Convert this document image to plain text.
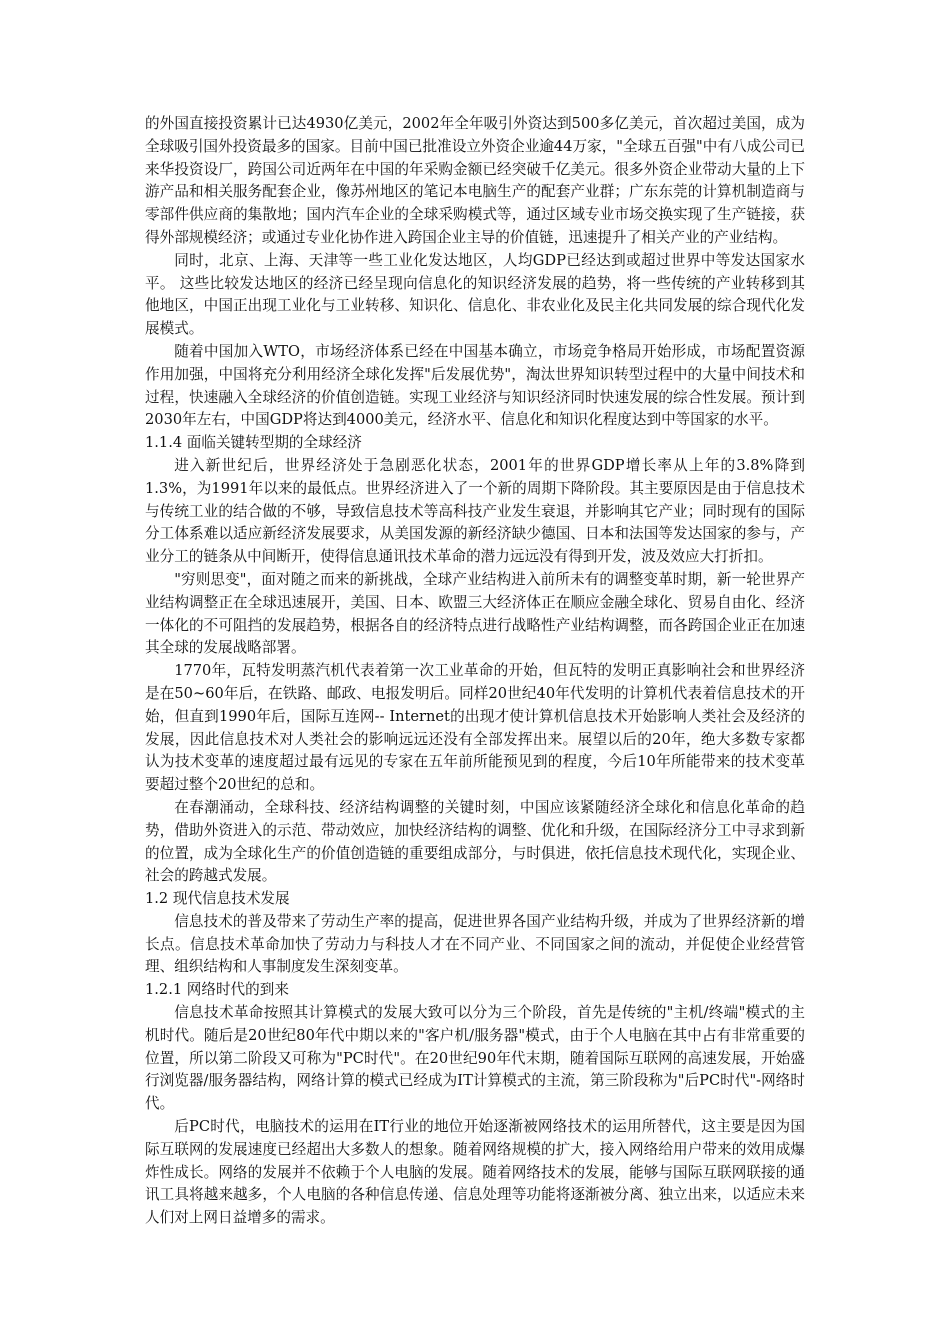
的外国直接投资累计已达4930亿美元，2002年全年吸引外资达到500多亿美元，首次超过美国，成为全球吸引国外投资最多的国家。目前中国已批准设立外资企业逾44万家，"全球五百强"中有八成公司已来华投资设厂，跨国公司近两年在中国的年采购金额已经突破千亿美元。很多外资企业带动大量的上下游产品和相关服务配套企业，像苏州地区的笔记本电脑生产的配套产业群；广东东莞的计算机制造商与零部件供应商的集散地；国内汽车企业的全球采购模式等，通过区域专业市场交换实现了生产链接，获得外部规模经济；或通过专业化协作进入跨国企业主导的价值链，迅速提升了相关产业的产业结构。

同时，北京、上海、天津等一些工业化发达地区，人均GDP已经达到或超过世界中等发达国家水平。 这些比较发达地区的经济已经呈现向信息化的知识经济发展的趋势，将一些传统的产业转移到其他地区，中国正出现工业化与工业转移、知识化、信息化、非农业化及民主化共同发展的综合现代化发展模式。

随着中国加入WTO，市场经济体系已经在中国基本确立，市场竞争格局开始形成，市场配置资源作用加强，中国将充分利用经济全球化发挥"后发展优势"，淘汰世界知识转型过程中的大量中间技术和过程，快速融入全球经济的价值创造链。实现工业经济与知识经济同时快速发展的综合性发展。预计到2030年左右，中国GDP将达到4000美元，经济水平、信息化和知识化程度达到中等国家的水平。

1.1.4 面临关键转型期的全球经济

进入新世纪后，世界经济处于急剧恶化状态，2001年的世界GDP增长率从上年的3.8%降到1.3%，为1991年以来的最低点。世界经济进入了一个新的周期下降阶段。其主要原因是由于信息技术与传统工业的结合做的不够，导致信息技术等高科技产业发生衰退，并影响其它产业；同时现有的国际分工体系难以适应新经济发展要求，从美国发源的新经济缺少德国、日本和法国等发达国家的参与，产业分工的链条从中间断开，使得信息通讯技术革命的潜力远远没有得到开发，波及效应大打折扣。

"穷则思变"，面对随之而来的新挑战，全球产业结构进入前所未有的调整变革时期，新一轮世界产业结构调整正在全球迅速展开，美国、日本、欧盟三大经济体正在顺应金融全球化、贸易自由化、经济一体化的不可阻挡的发展趋势，根据各自的经济特点进行战略性产业结构调整，而各跨国企业正在加速其全球的发展战略部署。

1770年，瓦特发明蒸汽机代表着第一次工业革命的开始，但瓦特的发明正真影响社会和世界经济是在50~60年后，在铁路、邮政、电报发明后。同样20世纪40年代发明的计算机代表着信息技术的开始，但直到1990年后，国际互连网-- Internet的出现才使计算机信息技术开始影响人类社会及经济的发展，因此信息技术对人类社会的影响远远还没有全部发挥出来。展望以后的20年，绝大多数专家都认为技术变革的速度超过最有远见的专家在五年前所能预见到的程度，今后10年所能带来的技术变革要超过整个20世纪的总和。

在春潮涌动，全球科技、经济结构调整的关键时刻，中国应该紧随经济全球化和信息化革命的趋势，借助外资进入的示范、带动效应，加快经济结构的调整、优化和升级，在国际经济分工中寻求到新的位置，成为全球化生产的价值创造链的重要组成部分，与时俱进，依托信息技术现代化，实现企业、社会的跨越式发展。

1.2 现代信息技术发展

信息技术的普及带来了劳动生产率的提高，促进世界各国产业结构升级，并成为了世界经济新的增长点。信息技术革命加快了劳动力与科技人才在不同产业、不同国家之间的流动，并促使企业经营管理、组织结构和人事制度发生深刻变革。

1.2.1 网络时代的到来

信息技术革命按照其计算模式的发展大致可以分为三个阶段，首先是传统的"主机/终端"模式的主机时代。随后是20世纪80年代中期以来的"客户机/服务器"模式，由于个人电脑在其中占有非常重要的位置，所以第二阶段又可称为"PC时代"。在20世纪90年代末期，随着国际互联网的高速发展，开始盛行浏览器/服务器结构，网络计算的模式已经成为IT计算模式的主流，第三阶段称为"后PC时代"-网络时代。

后PC时代，电脑技术的运用在IT行业的地位开始逐渐被网络技术的运用所替代，这主要是因为国际互联网的发展速度已经超出大多数人的想象。随着网络规模的扩大，接入网络给用户带来的效用成爆炸性成长。网络的发展并不依赖于个人电脑的发展。随着网络技术的发展，能够与国际互联网联接的通讯工具将越来越多，个人电脑的各种信息传递、信息处理等功能将逐渐被分离、独立出来，以适应未来人们对上网日益增多的需求。
